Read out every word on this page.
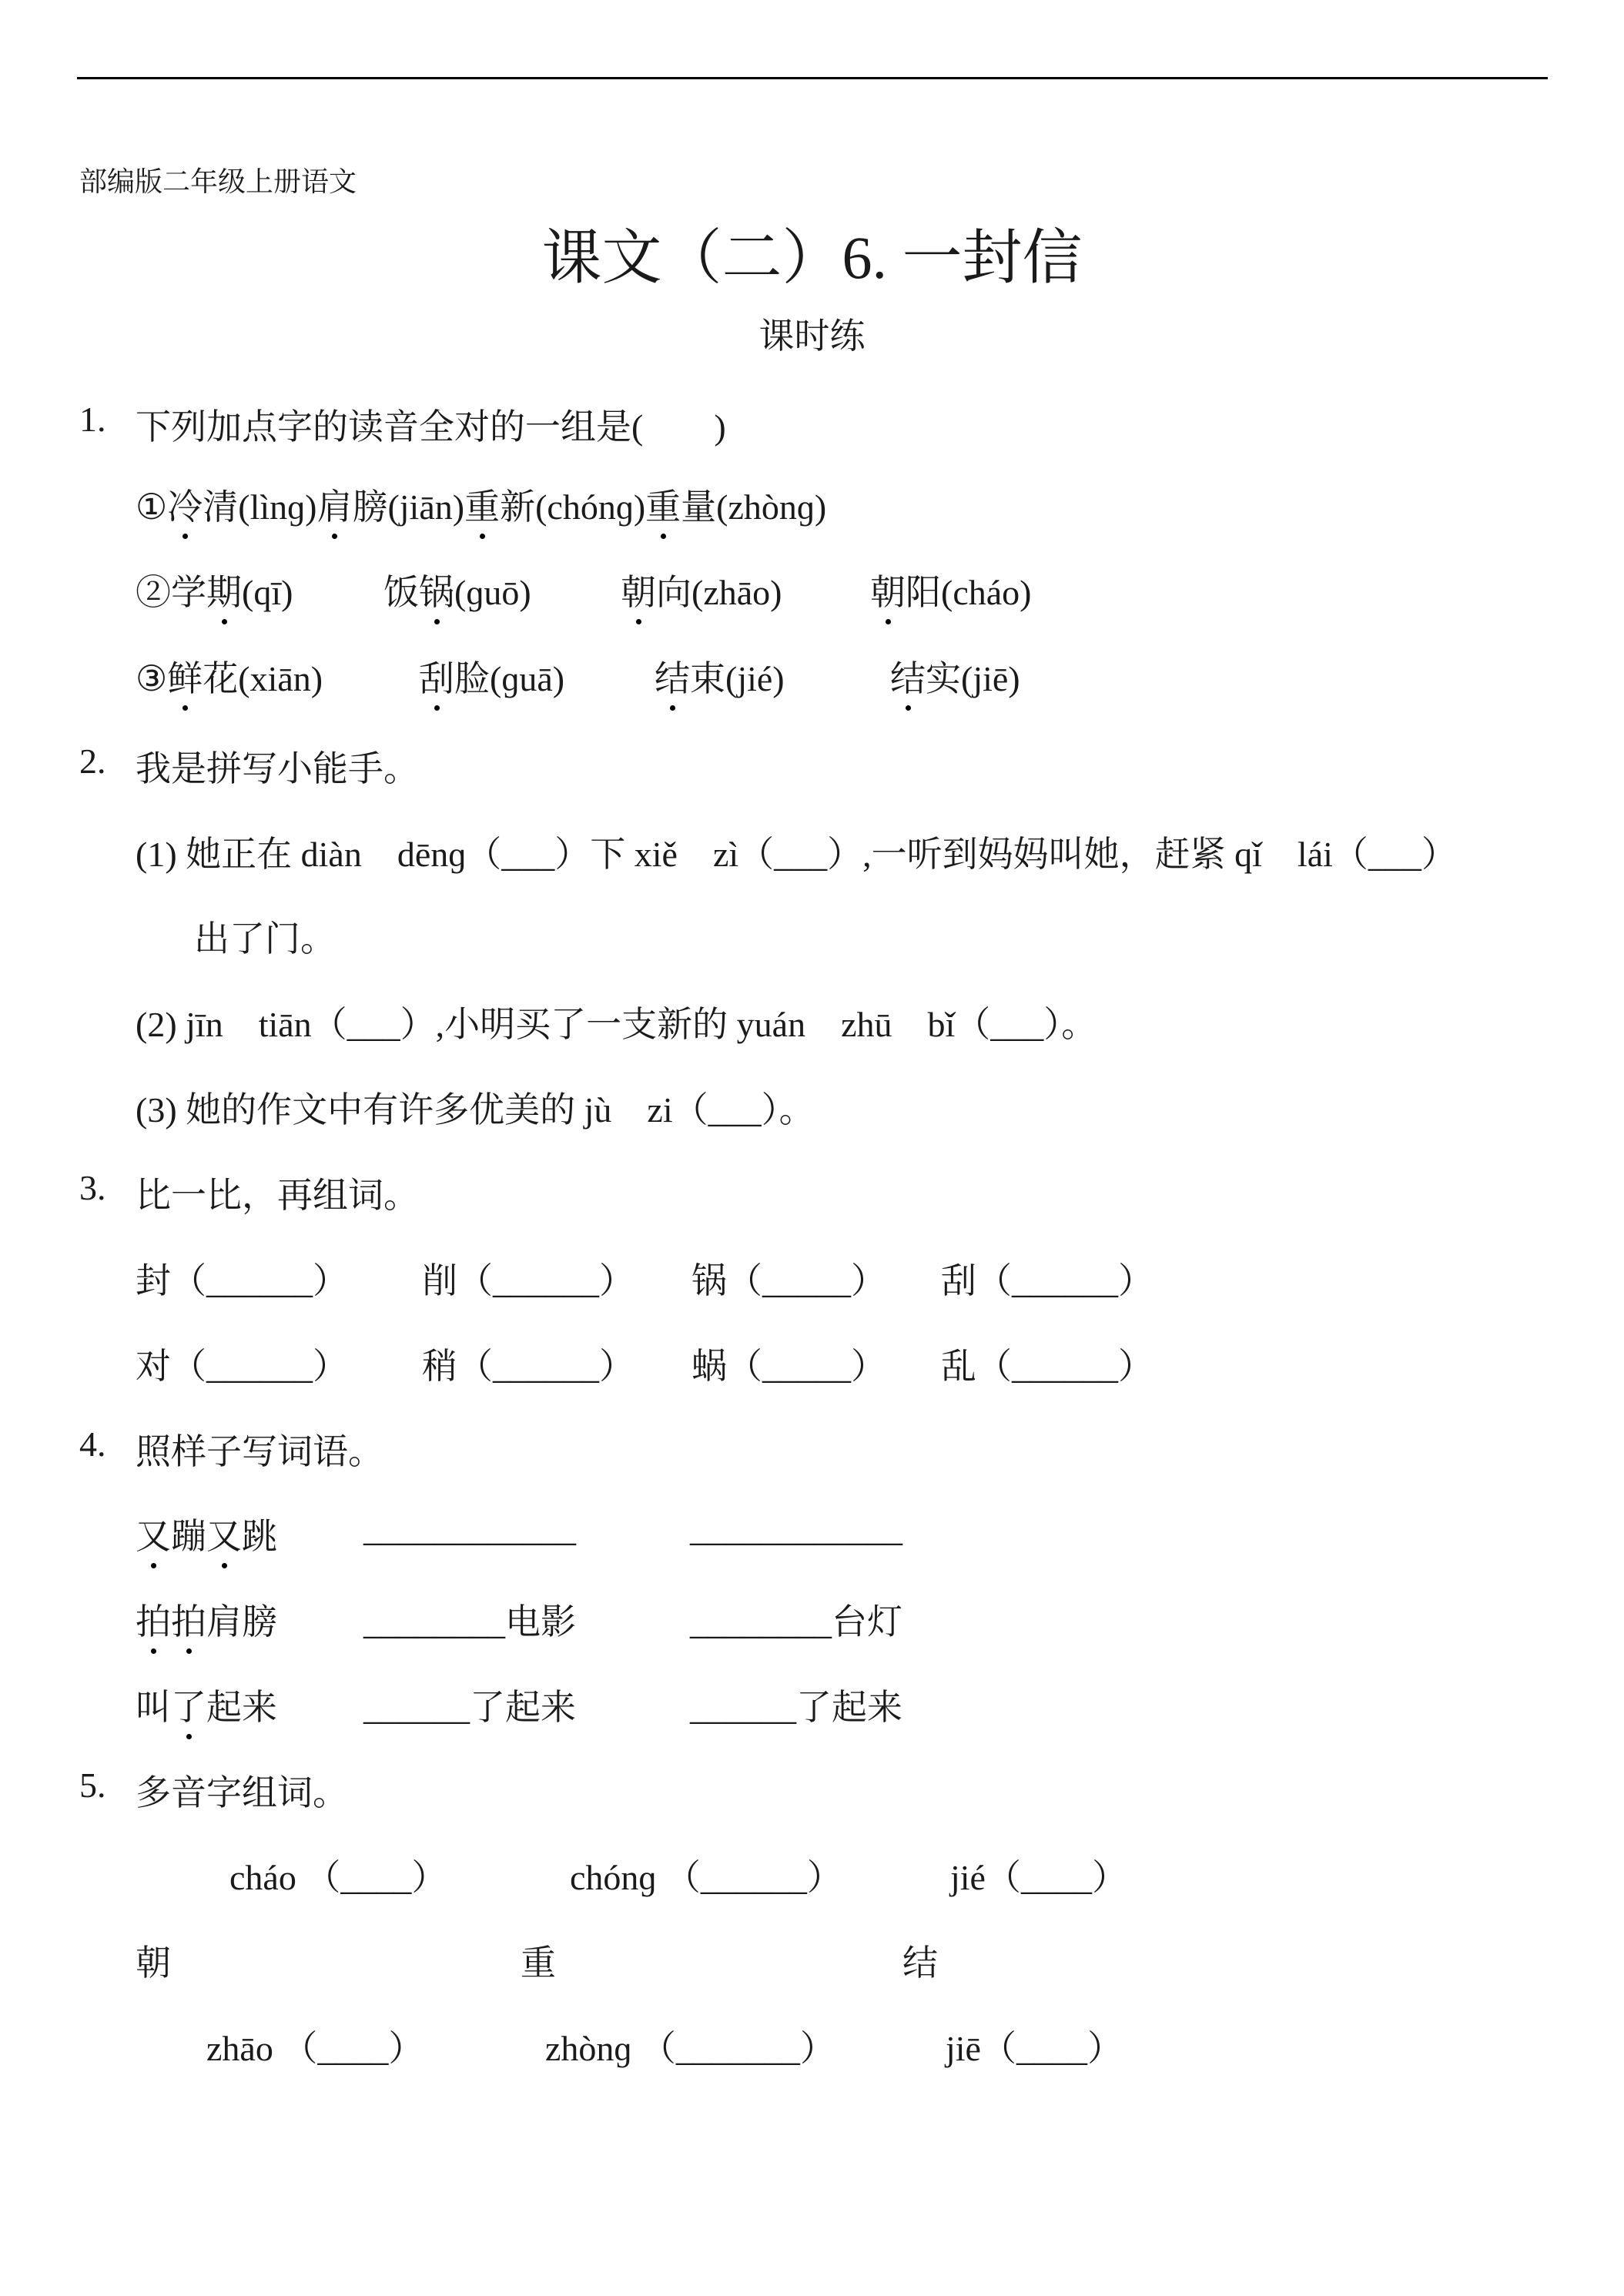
部编版二年级上册语文
课文（二）6. 一封信
课时练
1. 下列加点字的读音全对的一组是(　　)
①冷清(lìnɡ)肩膀(jiān)重新(chónɡ)重量(zhònɡ)
②学期(qī)	饭锅(ɡuō)	朝向(zhāo) 朝阳(cháo)
③鲜花(xiān)	刮脸(ɡuā)	结束(jié)	结实(jiē)
2. 我是拼写小能手。
(1) 她正在 diàn　dēnɡ（___）下 xiě　zì（___）,一听到妈妈叫她，赶紧 qǐ　lái（___）
出了门。
(2) jīn　tiān（___）,小明买了一支新的 yuán　zhū　bǐ（___）。
(3) 她的作文中有许多优美的 jù　zi（___）。
3. 比一比，再组词。
封（______） 削（______） 锅（_____） 刮（______）
对（______） 稍（______） 蜗（_____） 乱（______）
4. 照样子写词语。
又蹦又跳 ____________	____________
拍拍肩膀 ________电影	________台灯
叫了起来 ______了起来	______了起来
5. 多音字组词。
cháo （____）	chónɡ （______）	jié（____）
朝	重	结
zhāo （____）	zhònɡ （_______）	jiē（____）
